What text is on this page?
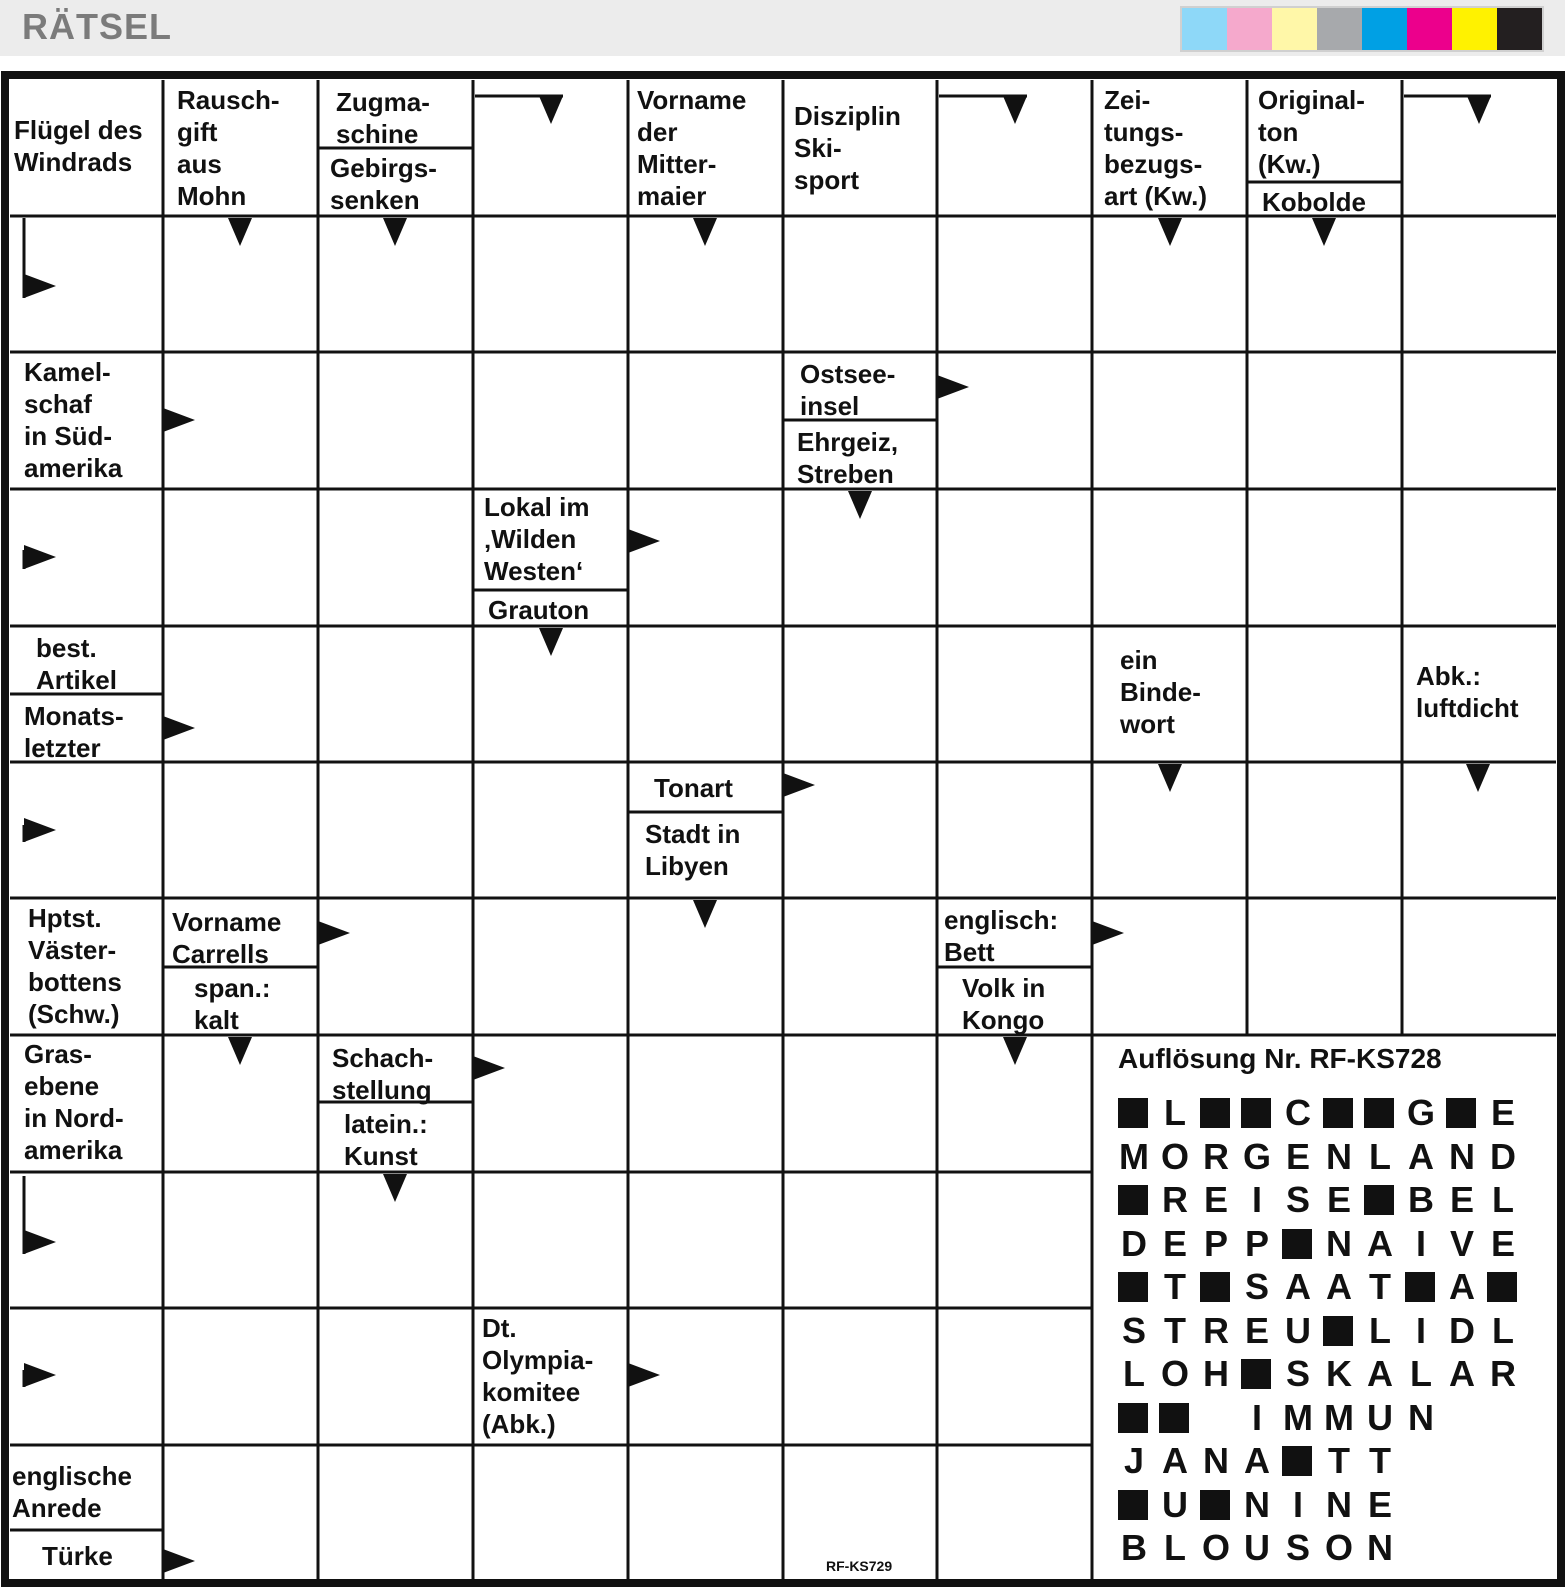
RÄTSEL
Flügel des
Windrads
Rausch-
gift
aus
Mohn
Zugma-
schine
Gebirgs-
senken
Vorname
der
Mitter-
maier
Disziplin
Ski-
sport
Zei-
tungs-
bezugs-
art (Kw.)
Original-
ton
(Kw.)
Kobolde
Kamel-
schaf
in Süd-
amerika
Ostsee-
insel
Ehrgeiz,
Streben
Lokal im
‚Wilden
Westen‘
Grauton
best.
Artikel
Monats-
letzter
ein
Binde-
wort
Abk.:
luftdicht
Tonart
Stadt in
Libyen
Hptst.
Väster-
bottens
(Schw.)
Vorname
Carrells
span.:
kalt
englisch:
Bett
Volk in
Kongo
Gras-
ebene
in Nord-
amerika
Schach-
stellung
latein.:
Kunst
Dt.
Olympia-
komitee
(Abk.)
englische
Anrede
Türke
Auflösung Nr. RF-KS728
L	C	G E
M O R G E N L A N D
R E I S E B E L
D E P P N A I V E
T S A A T A
S T R E U L I D L
L O H S K A L A R
I M M U N
J A N A T T
U N I N E
B L O U S O N
RF-KS729
